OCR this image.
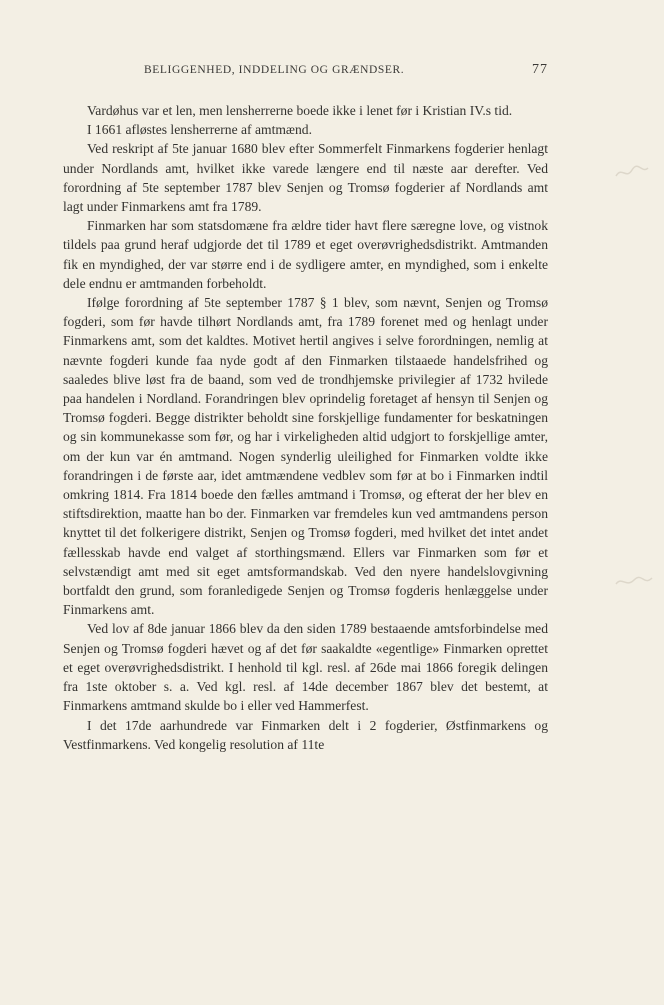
BELIGGENHED, INDDELING OG GRÆNDSER.	77

Vardøhus var et len, men lensherrerne boede ikke i lenet før i Kristian IV.s tid.

I 1661 afløstes lensherrerne af amtmænd.

Ved reskript af 5te januar 1680 blev efter Sommerfelt Finmarkens fogderier henlagt under Nordlands amt, hvilket ikke varede længere end til næste aar derefter. Ved forordning af 5te september 1787 blev Senjen og Tromsø fogderier af Nordlands amt lagt under Finmarkens amt fra 1789.

Finmarken har som statsdomæne fra ældre tider havt flere særegne love, og vistnok tildels paa grund heraf udgjorde det til 1789 et eget overøvrighedsdistrikt. Amtmanden fik en myndighed, der var større end i de sydligere amter, en myndighed, som i enkelte dele endnu er amtmanden forbeholdt.

Ifølge forordning af 5te september 1787 § 1 blev, som nævnt, Senjen og Tromsø fogderi, som før havde tilhørt Nordlands amt, fra 1789 forenet med og henlagt under Finmarkens amt, som det kaldtes. Motivet hertil angives i selve forordningen, nemlig at nævnte fogderi kunde faa nyde godt af den Finmarken tilstaaede handelsfrihed og saaledes blive løst fra de baand, som ved de trondhjemske privilegier af 1732 hvilede paa handelen i Nordland. Forandringen blev oprindelig foretaget af hensyn til Senjen og Tromsø fogderi. Begge distrikter beholdt sine forskjellige fundamenter for beskatningen og sin kommunekasse som før, og har i virkeligheden altid udgjort to forskjellige amter, om der kun var én amtmand. Nogen synderlig uleilighed for Finmarken voldte ikke forandringen i de første aar, idet amtmændene vedblev som før at bo i Finmarken indtil omkring 1814. Fra 1814 boede den fælles amtmand i Tromsø, og efterat der her blev en stiftsdirektion, maatte han bo der. Finmarken var fremdeles kun ved amtmandens person knyttet til det folkerigere distrikt, Senjen og Tromsø fogderi, med hvilket det intet andet fællesskab havde end valget af storthingsmænd. Ellers var Finmarken som før et selvstændigt amt med sit eget amtsformandskab. Ved den nyere handelslovgivning bortfaldt den grund, som foranledigede Senjen og Tromsø fogderis henlæggelse under Finmarkens amt.

Ved lov af 8de januar 1866 blev da den siden 1789 bestaaende amtsforbindelse med Senjen og Tromsø fogderi hævet og af det før saakaldte «egentlige» Finmarken oprettet et eget overøvrighedsdistrikt. I henhold til kgl. resl. af 26de mai 1866 foregik delingen fra 1ste oktober s. a. Ved kgl. resl. af 14de december 1867 blev det bestemt, at Finmarkens amtmand skulde bo i eller ved Hammerfest.

I det 17de aarhundrede var Finmarken delt i 2 fogderier, Østfinmarkens og Vestfinmarkens. Ved kongelig resolution af 11te
